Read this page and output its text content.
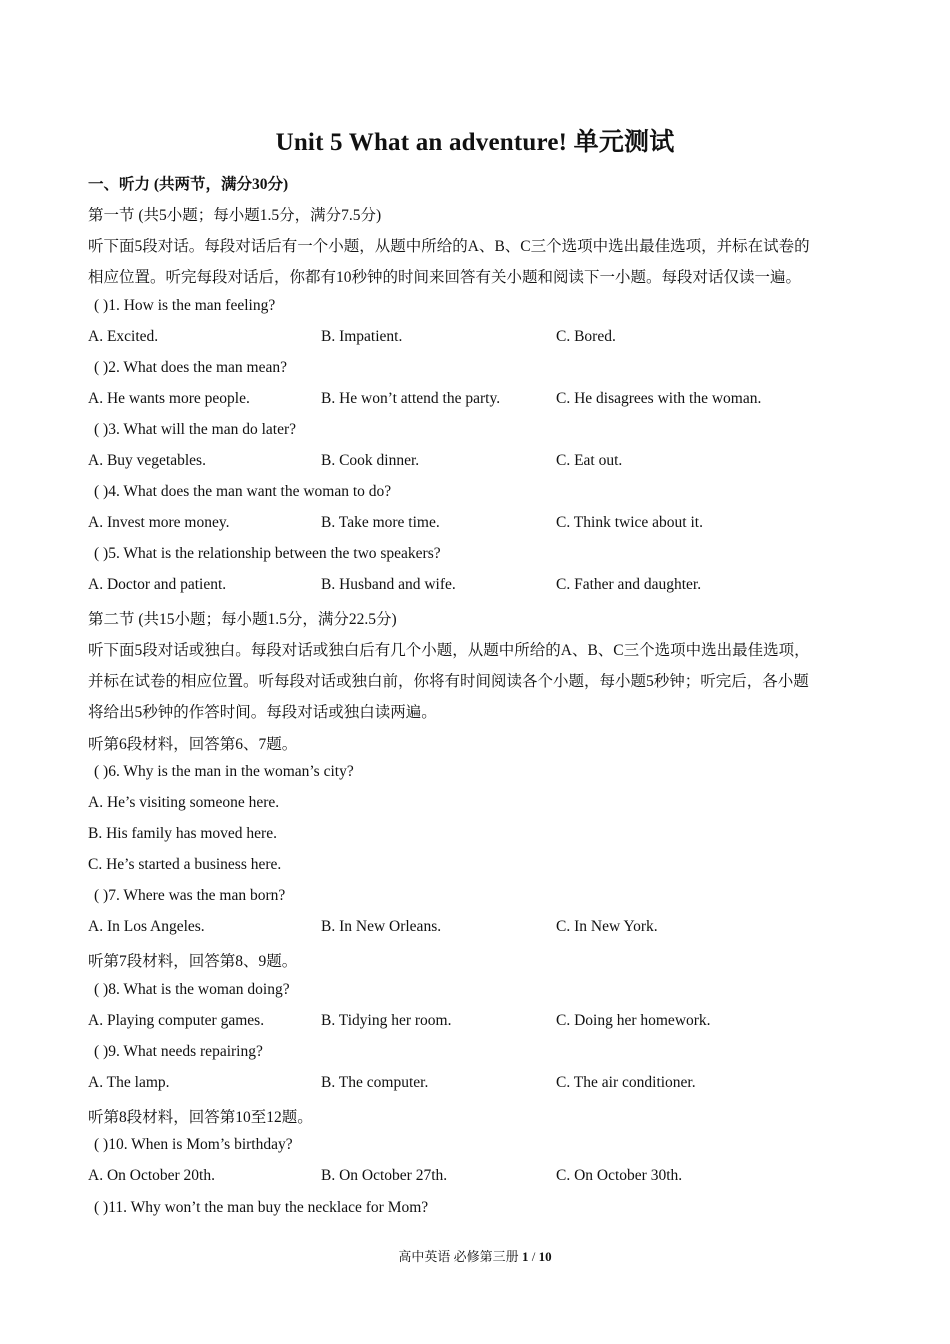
Unit 5 What an adventure! 单元测试
一、听力 (共两节，满分30分)
第一节 (共5小题；每小题1.5分，满分7.5分)
听下面5段对话。每段对话后有一个小题，从题中所给的A、B、C三个选项中选出最佳选项，并标在试卷的
相应位置。听完每段对话后，你都有10秒钟的时间来回答有关小题和阅读下一小题。每段对话仅读一遍。
( )1. How is the man feeling?
A. Excited.	B. Impatient.	C. Bored.
( )2. What does the man mean?
A. He wants more people.	B. He won’t attend the party.	C. He disagrees with the woman.
( )3. What will the man do later?
A. Buy vegetables.	B. Cook dinner.	C. Eat out.
( )4. What does the man want the woman to do?
A. Invest more money.	B. Take more time.	C. Think twice about it.
( )5. What is the relationship between the two speakers?
A. Doctor and patient.	B. Husband and wife.	C. Father and daughter.
第二节 (共15小题；每小题1.5分，满分22.5分)
听下面5段对话或独白。每段对话或独白后有几个小题，从题中所给的A、B、C三个选项中选出最佳选项，
并标在试卷的相应位置。听每段对话或独白前，你将有时间阅读各个小题，每小题5秒钟；听完后，各小题
将给出5秒钟的作答时间。每段对话或独白读两遍。
听第6段材料，回答第6、7题。
( )6. Why is the man in the woman’s city?
A. He’s visiting someone here.
B. His family has moved here.
C. He’s started a business here.
( )7. Where was the man born?
A. In Los Angeles.	B. In New Orleans.	C. In New York.
听第7段材料，回答第8、9题。
( )8. What is the woman doing?
A. Playing computer games.	B. Tidying her room.	C. Doing her homework.
( )9. What needs repairing?
A. The lamp.	B. The computer.	C. The air conditioner.
听第8段材料，回答第10至12题。
( )10. When is Mom’s birthday?
A. On October 20th.	B. On October 27th.	C. On October 30th.
( )11. Why won’t the man buy the necklace for Mom?
高中英语 必修第三册 1 / 10
